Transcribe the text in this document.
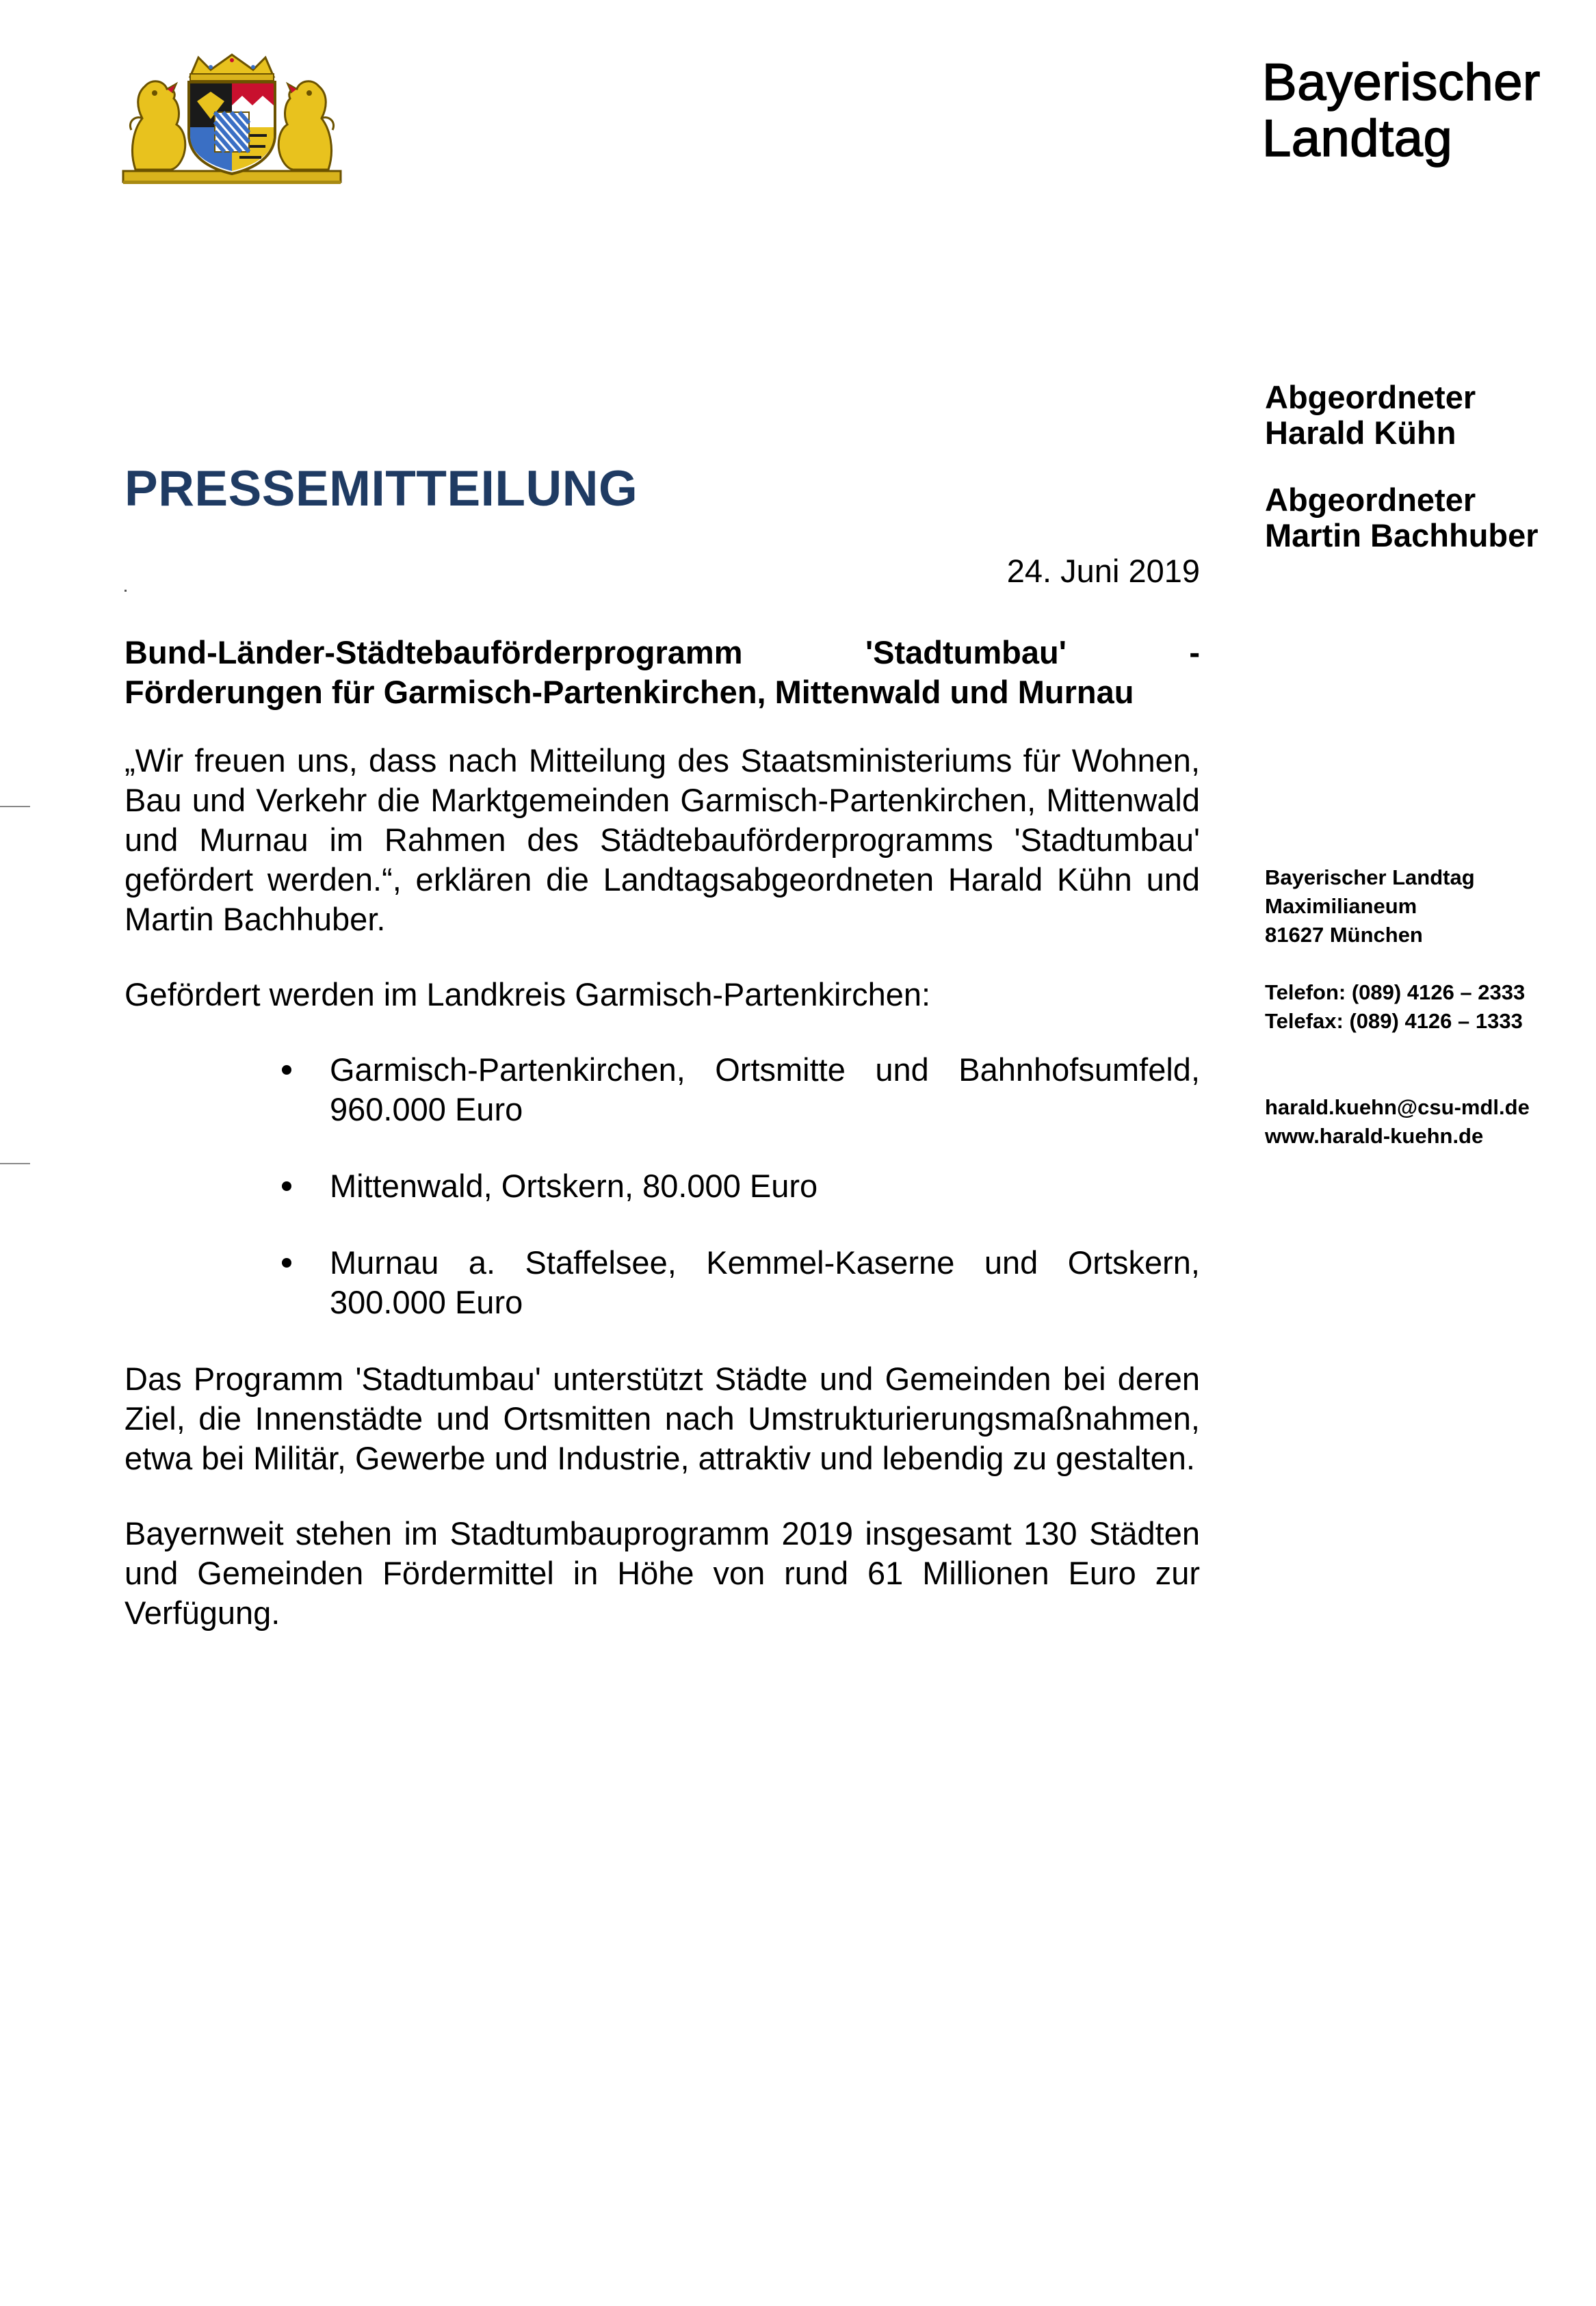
Bayerischer
Landtag
Abgeordneter
Harald Kühn
Abgeordneter
Martin Bachhuber
Bayerischer Landtag
Maximilianeum
81627 München
Telefon: (089) 4126 – 2333
Telefax: (089) 4126 – 1333
harald.kuehn@csu-mdl.de
www.harald-kuehn.de
PRESSEMITTEILUNG
24. Juni 2019
Bund-Länder-Städtebauförderprogramm	'Stadtumbau'	-
Förderungen für Garmisch-Partenkirchen, Mittenwald und Murnau

„Wir freuen uns, dass nach Mitteilung des Staatsministeriums für Wohnen, Bau und Verkehr die Marktgemeinden Garmisch-Partenkirchen, Mittenwald und Murnau im Rahmen des Städtebauförderprogramms 'Stadtumbau' gefördert werden.“, erklären die Landtagsabgeordneten Harald Kühn und Martin Bachhuber.

Gefördert werden im Landkreis Garmisch-Partenkirchen:

Garmisch-Partenkirchen, Ortsmitte und Bahnhofsumfeld, 960.000 Euro
Mittenwald, Ortskern, 80.000 Euro
Murnau a. Staffelsee, Kemmel-Kaserne und Ortskern, 300.000 Euro

Das Programm 'Stadtumbau' unterstützt Städte und Gemeinden bei deren Ziel, die Innenstädte und Ortsmitten nach Umstrukturierungsmaßnahmen, etwa bei Militär, Gewerbe und Industrie, attraktiv und lebendig zu gestalten.

Bayernweit stehen im Stadtumbauprogramm 2019 insgesamt 130 Städten und Gemeinden Fördermittel in Höhe von rund 61 Millionen Euro zur Verfügung.
